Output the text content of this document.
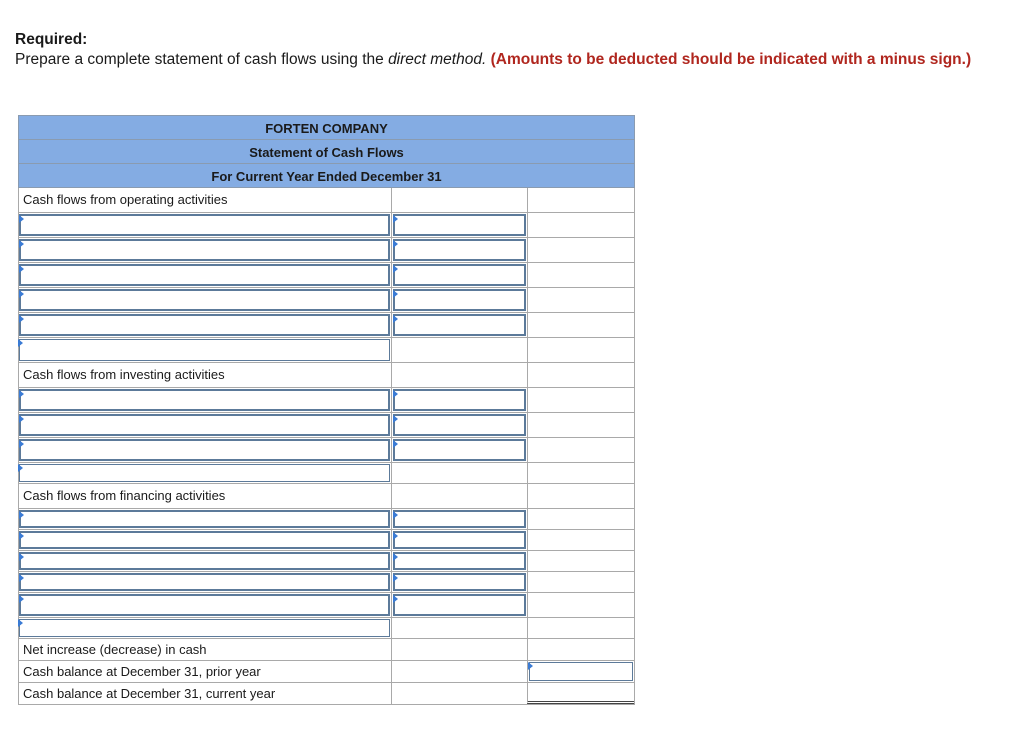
Required:
Prepare a complete statement of cash flows using the direct method. (Amounts to be deducted should be indicated with a minus sign.)
FORTEN COMPANY
Statement of Cash Flows
For Current Year Ended December 31
Cash flows from operating activities
Cash flows from investing activities
Cash flows from financing activities
Net increase (decrease) in cash
Cash balance at December 31, prior year
Cash balance at December 31, current year
